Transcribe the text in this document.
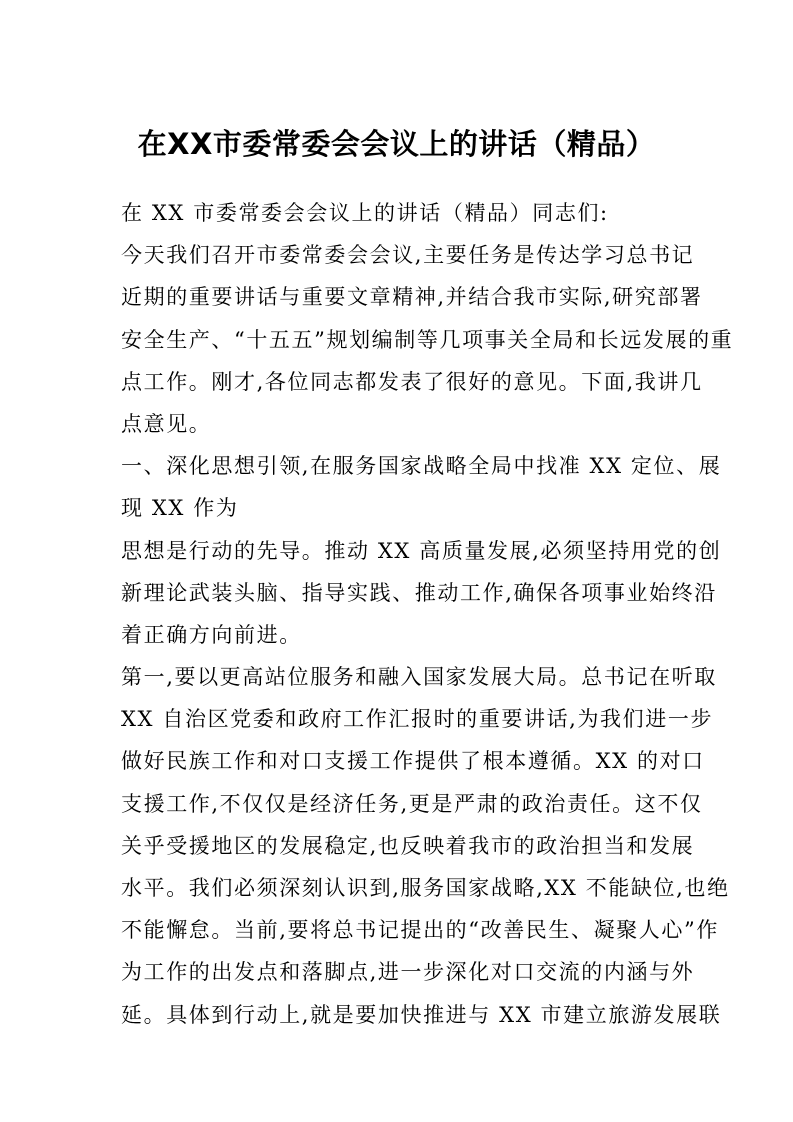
在XX市委常委会会议上的讲话（精品）
在 XX 市委常委会会议上的讲话（精品）同志们:
今天我们召开市委常委会会议,主要任务是传达学习总书记
近期的重要讲话与重要文章精神,并结合我市实际,研究部署
安全生产、“十五五”规划编制等几项事关全局和长远发展的重
点工作。刚才,各位同志都发表了很好的意见。下面,我讲几
点意见。
一、深化思想引领,在服务国家战略全局中找准 XX 定位、展
现 XX 作为
思想是行动的先导。推动 XX 高质量发展,必须坚持用党的创
新理论武装头脑、指导实践、推动工作,确保各项事业始终沿
着正确方向前进。
第一,要以更高站位服务和融入国家发展大局。总书记在听取
XX 自治区党委和政府工作汇报时的重要讲话,为我们进一步
做好民族工作和对口支援工作提供了根本遵循。XX 的对口
支援工作,不仅仅是经济任务,更是严肃的政治责任。这不仅
关乎受援地区的发展稳定,也反映着我市的政治担当和发展
水平。我们必须深刻认识到,服务国家战略,XX 不能缺位,也绝
不能懈怠。当前,要将总书记提出的“改善民生、凝聚人心”作
为工作的出发点和落脚点,进一步深化对口交流的内涵与外
延。具体到行动上,就是要加快推进与 XX 市建立旅游发展联
